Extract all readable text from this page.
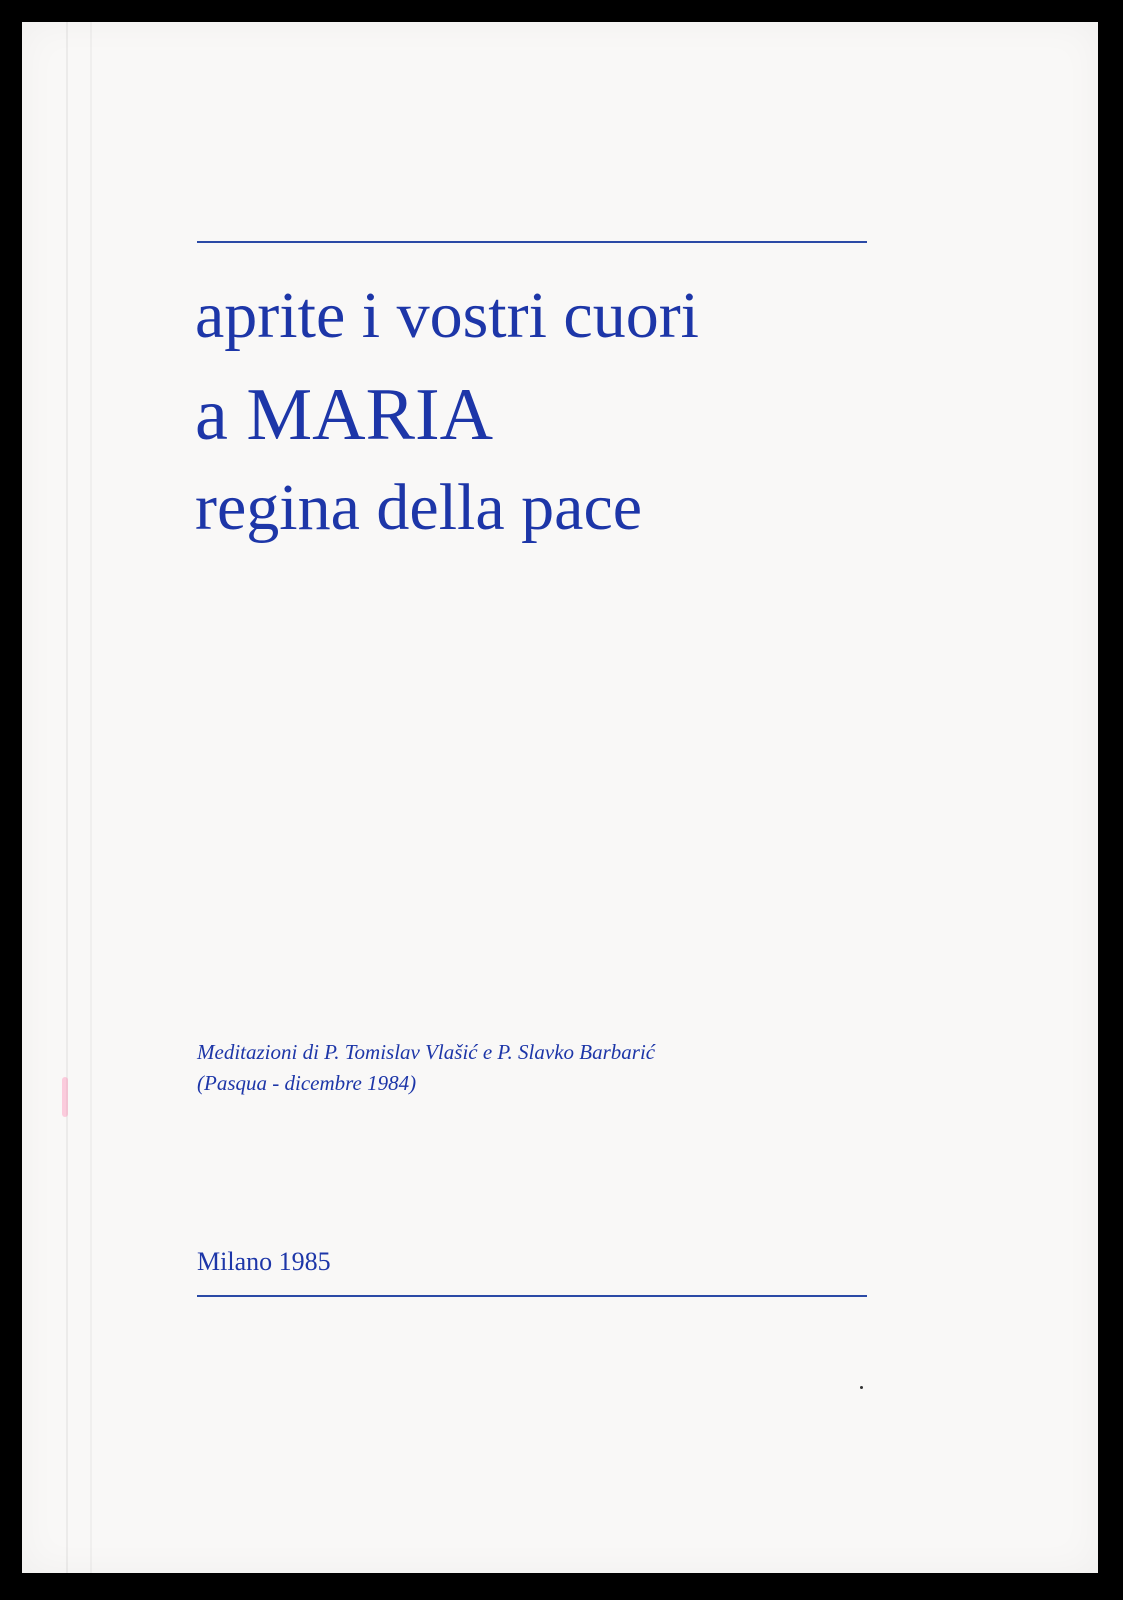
aprite i vostri cuori
a MARIA
regina della pace
Meditazioni di P. Tomislav Vlašić e P. Slavko Barbarić
(Pasqua - dicembre 1984)
Milano 1985
